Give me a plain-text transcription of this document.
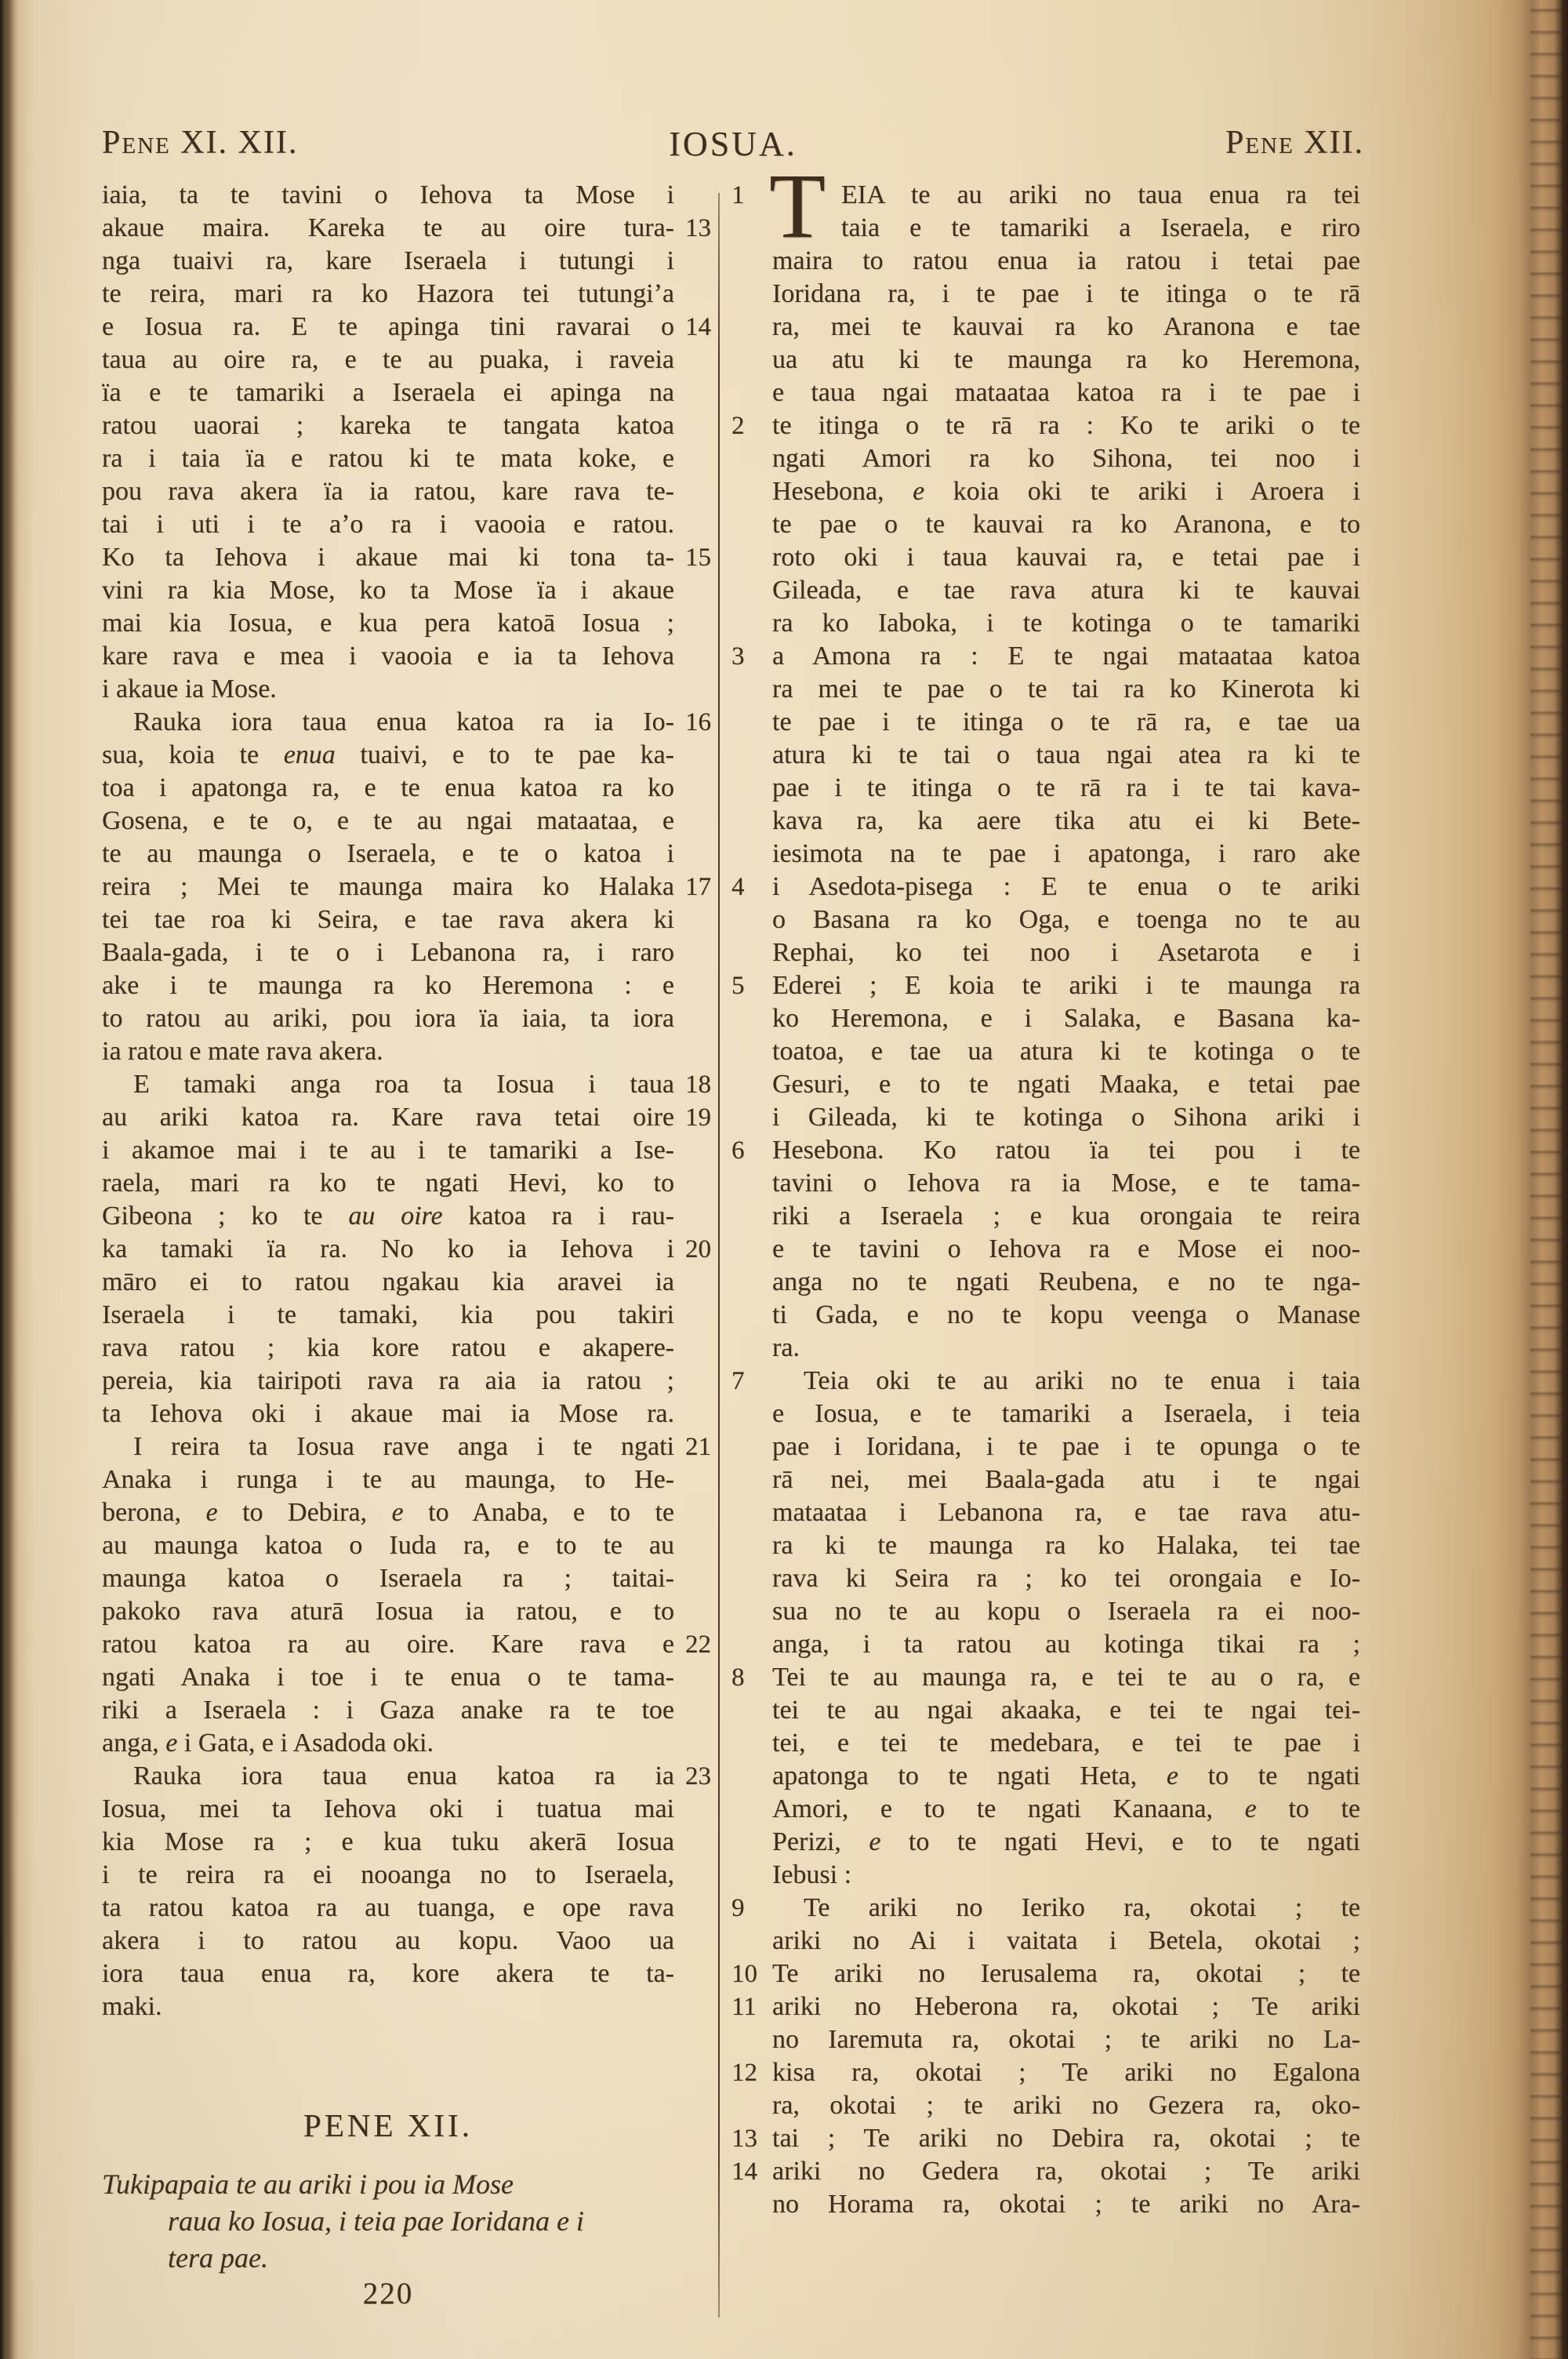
Pene XI. XII.	IOSUA.	Pene XII.
iaia, ta te tavini o Iehova ta Mose i
13
akaue maira. Kareka te au oire tura-
nga tuaivi ra, kare Iseraela i tutungi i
te reira, mari ra ko Hazora tei tutungiʼa
14
e Iosua ra. E te apinga tini ravarai o
taua au oire ra, e te au puaka, i raveia
ïa e te tamariki a Iseraela ei apinga na
ratou uaorai ; kareka te tangata katoa
ra i taia ïa e ratou ki te mata koke, e
pou rava akera ïa ia ratou, kare rava te-
tai i uti i te aʼo ra i vaooia e ratou.
15
Ko ta Iehova i akaue mai ki tona ta-
vini ra kia Mose, ko ta Mose ïa i akaue
mai kia Iosua, e kua pera katoā Iosua ;
kare rava e mea i vaooia e ia ta Iehova
i akaue ia Mose.
16
Rauka iora taua enua katoa ra ia Io-
sua, koia te enua tuaivi, e to te pae ka-
toa i apatonga ra, e te enua katoa ra ko
Gosena, e te o, e te au ngai mataataa, e
te au maunga o Iseraela, e te o katoa i
17
reira ; Mei te maunga maira ko Halaka
tei tae roa ki Seira, e tae rava akera ki
Baala-gada, i te o i Lebanona ra, i raro
ake i te maunga ra ko Heremona : e
to ratou au ariki, pou iora ïa iaia, ta iora
ia ratou e mate rava akera.
18
E tamaki anga roa ta Iosua i taua
19
au ariki katoa ra. Kare rava tetai oire
i akamoe mai i te au i te tamariki a Ise-
raela, mari ra ko te ngati Hevi, ko to
Gibeona ; ko te au oire katoa ra i rau-
20
ka tamaki ïa ra. No ko ia Iehova i
māro ei to ratou ngakau kia aravei ia
Iseraela i te tamaki, kia pou takiri
rava ratou ; kia kore ratou e akapere-
pereia, kia tairipoti rava ra aia ia ratou ;
ta Iehova oki i akaue mai ia Mose ra.
21
I reira ta Iosua rave anga i te ngati
Anaka i runga i te au maunga, to He-
berona, e to Debira, e to Anaba, e to te
au maunga katoa o Iuda ra, e to te au
maunga katoa o Iseraela ra ; taitai-
pakoko rava aturā Iosua ia ratou, e to
22
ratou katoa ra au oire. Kare rava e
ngati Anaka i toe i te enua o te tama-
riki a Iseraela : i Gaza anake ra te toe
anga, e i Gata, e i Asadoda oki.
23
Rauka iora taua enua katoa ra ia
Iosua, mei ta Iehova oki i tuatua mai
kia Mose ra ; e kua tuku akerā Iosua
i te reira ra ei nooanga no to Iseraela,
ta ratou katoa ra au tuanga, e ope rava
akera i to ratou au kopu. Vaoo ua
iora taua enua ra, kore akera te ta-
maki.
T
1	EIA te au ariki no taua enua ra tei
taia e te tamariki a Iseraela, e riro
maira to ratou enua ia ratou i tetai pae
Ioridana ra, i te pae i te itinga o te rā
ra, mei te kauvai ra ko Aranona e tae
ua atu ki te maunga ra ko Heremona,
e taua ngai mataataa katoa ra i te pae i
2 te itinga o te rā ra : Ko te ariki o te
ngati Amori ra ko Sihona, tei noo i
Hesebona, e koia oki te ariki i Aroera i
te pae o te kauvai ra ko Aranona, e to
roto oki i taua kauvai ra, e tetai pae i
Gileada, e tae rava atura ki te kauvai
ra ko Iaboka, i te kotinga o te tamariki
3 a Amona ra : E te ngai mataataa katoa
ra mei te pae o te tai ra ko Kinerota ki
te pae i te itinga o te rā ra, e tae ua
atura ki te tai o taua ngai atea ra ki te
pae i te itinga o te rā ra i te tai kava-
kava ra, ka aere tika atu ei ki Bete-
iesimota na te pae i apatonga, i raro ake
4 i Asedota-pisega : E te enua o te ariki
o Basana ra ko Oga, e toenga no te au
Rephai, ko tei noo i Asetarota e i
5 Ederei ; E koia te ariki i te maunga ra
ko Heremona, e i Salaka, e Basana ka-
toatoa, e tae ua atura ki te kotinga o te
Gesuri, e to te ngati Maaka, e tetai pae
i Gileada, ki te kotinga o Sihona ariki i
6 Hesebona. Ko ratou ïa tei pou i te
tavini o Iehova ra ia Mose, e te tama-
riki a Iseraela ; e kua orongaia te reira
e te tavini o Iehova ra e Mose ei noo-
anga no te ngati Reubena, e no te nga-
ti Gada, e no te kopu veenga o Manase
ra.
7 Teia oki te au ariki no te enua i taia
e Iosua, e te tamariki a Iseraela, i teia
pae i Ioridana, i te pae i te opunga o te
rā nei, mei Baala-gada atu i te ngai
mataataa i Lebanona ra, e tae rava atu-
ra ki te maunga ra ko Halaka, tei tae
rava ki Seira ra ; ko tei orongaia e Io-
sua no te au kopu o Iseraela ra ei noo-
anga, i ta ratou au kotinga tikai ra ;
8 Tei te au maunga ra, e tei te au o ra, e
tei te au ngai akaaka, e tei te ngai tei-
tei, e tei te medebara, e tei te pae i
apatonga to te ngati Heta, e to te ngati
Amori, e to te ngati Kanaana, e to te
Perizi, e to te ngati Hevi, e to te ngati
Iebusi :
9 Te ariki no Ieriko ra, okotai ; te
ariki no Ai i vaitata i Betela, okotai ;
10 Te ariki no Ierusalema ra, okotai ; te
11 ariki no Heberona ra, okotai ; Te ariki
no Iaremuta ra, okotai ; te ariki no La-
12 kisa ra, okotai ; Te ariki no Egalona
ra, okotai ; te ariki no Gezera ra, oko-
13 tai ; Te ariki no Debira ra, okotai ; te
14 ariki no Gedera ra, okotai ; Te ariki
no Horama ra, okotai ; te ariki no Ara-
PENE XII.
Tukipapaia te au ariki i pou ia Mose
raua ko Iosua, i teia pae Ioridana e i
tera pae.
220
